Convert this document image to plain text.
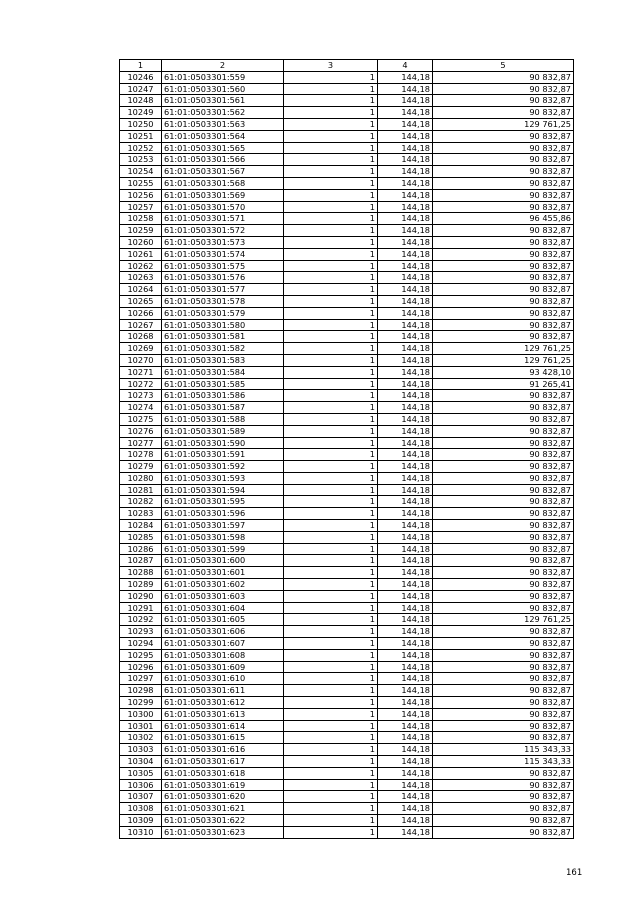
1	2	3	4	5
10246	61:01:0503301:559	1	144,18	90 832,87
10247	61:01:0503301:560	1	144,18	90 832,87
10248	61:01:0503301:561	1	144,18	90 832,87
10249	61:01:0503301:562	1	144,18	90 832,87
10250	61:01:0503301:563	1	144,18	129 761,25
10251	61:01:0503301:564	1	144,18	90 832,87
10252	61:01:0503301:565	1	144,18	90 832,87
10253	61:01:0503301:566	1	144,18	90 832,87
10254	61:01:0503301:567	1	144,18	90 832,87
10255	61:01:0503301:568	1	144,18	90 832,87
10256	61:01:0503301:569	1	144,18	90 832,87
10257	61:01:0503301:570	1	144,18	90 832,87
10258	61:01:0503301:571	1	144,18	96 455,86
10259	61:01:0503301:572	1	144,18	90 832,87
10260	61:01:0503301:573	1	144,18	90 832,87
10261	61:01:0503301:574	1	144,18	90 832,87
10262	61:01:0503301:575	1	144,18	90 832,87
10263	61:01:0503301:576	1	144,18	90 832,87
10264	61:01:0503301:577	1	144,18	90 832,87
10265	61:01:0503301:578	1	144,18	90 832,87
10266	61:01:0503301:579	1	144,18	90 832,87
10267	61:01:0503301:580	1	144,18	90 832,87
10268	61:01:0503301:581	1	144,18	90 832,87
10269	61:01:0503301:582	1	144,18	129 761,25
10270	61:01:0503301:583	1	144,18	129 761,25
10271	61:01:0503301:584	1	144,18	93 428,10
10272	61:01:0503301:585	1	144,18	91 265,41
10273	61:01:0503301:586	1	144,18	90 832,87
10274	61:01:0503301:587	1	144,18	90 832,87
10275	61:01:0503301:588	1	144,18	90 832,87
10276	61:01:0503301:589	1	144,18	90 832,87
10277	61:01:0503301:590	1	144,18	90 832,87
10278	61:01:0503301:591	1	144,18	90 832,87
10279	61:01:0503301:592	1	144,18	90 832,87
10280	61:01:0503301:593	1	144,18	90 832,87
10281	61:01:0503301:594	1	144,18	90 832,87
10282	61:01:0503301:595	1	144,18	90 832,87
10283	61:01:0503301:596	1	144,18	90 832,87
10284	61:01:0503301:597	1	144,18	90 832,87
10285	61:01:0503301:598	1	144,18	90 832,87
10286	61:01:0503301:599	1	144,18	90 832,87
10287	61:01:0503301:600	1	144,18	90 832,87
10288	61:01:0503301:601	1	144,18	90 832,87
10289	61:01:0503301:602	1	144,18	90 832,87
10290	61:01:0503301:603	1	144,18	90 832,87
10291	61:01:0503301:604	1	144,18	90 832,87
10292	61:01:0503301:605	1	144,18	129 761,25
10293	61:01:0503301:606	1	144,18	90 832,87
10294	61:01:0503301:607	1	144,18	90 832,87
10295	61:01:0503301:608	1	144,18	90 832,87
10296	61:01:0503301:609	1	144,18	90 832,87
10297	61:01:0503301:610	1	144,18	90 832,87
10298	61:01:0503301:611	1	144,18	90 832,87
10299	61:01:0503301:612	1	144,18	90 832,87
10300	61:01:0503301:613	1	144,18	90 832,87
10301	61:01:0503301:614	1	144,18	90 832,87
10302	61:01:0503301:615	1	144,18	90 832,87
10303	61:01:0503301:616	1	144,18	115 343,33
10304	61:01:0503301:617	1	144,18	115 343,33
10305	61:01:0503301:618	1	144,18	90 832,87
10306	61:01:0503301:619	1	144,18	90 832,87
10307	61:01:0503301:620	1	144,18	90 832,87
10308	61:01:0503301:621	1	144,18	90 832,87
10309	61:01:0503301:622	1	144,18	90 832,87
10310	61:01:0503301:623	1	144,18	90 832,87
161
